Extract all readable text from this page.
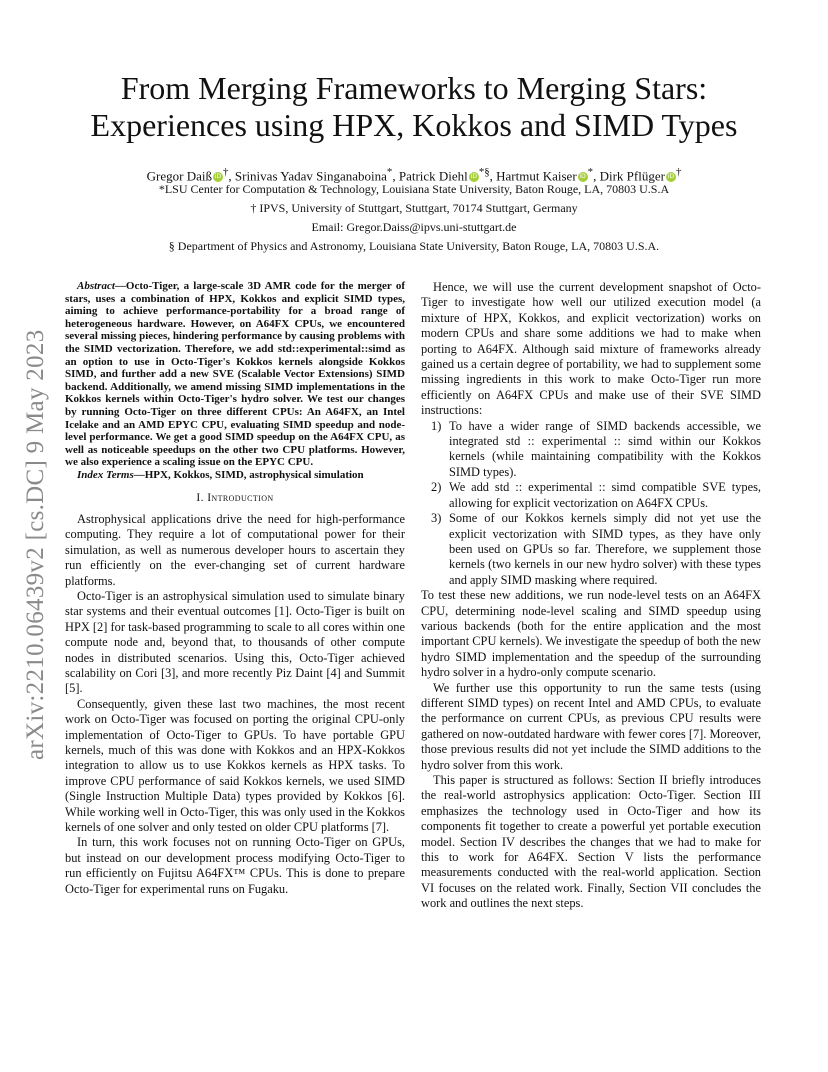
arXiv:2210.06439v2 [cs.DC] 9 May 2023
From Merging Frameworks to Merging Stars:
Experiences using HPX, Kokkos and SIMD Types
Gregor Daiß iD †, Srinivas Yadav Singanaboina*, Patrick Diehl iD *§, Hartmut Kaiser iD *, Dirk Pflüger iD †
*LSU Center for Computation & Technology, Louisiana State University, Baton Rouge, LA, 70803 U.S.A
† IPVS, University of Stuttgart, Stuttgart, 70174 Stuttgart, Germany
Email: Gregor.Daiss@ipvs.uni-stuttgart.de
§ Department of Physics and Astronomy, Louisiana State University, Baton Rouge, LA, 70803 U.S.A.

Abstract—Octo-Tiger, a large-scale 3D AMR code for the merger of stars, uses a combination of HPX, Kokkos and explicit SIMD types, aiming to achieve performance-portability for a broad range of heterogeneous hardware. However, on A64FX CPUs, we encountered several missing pieces, hindering performance by causing problems with the SIMD vectorization. Therefore, we add std::experimental::simd as an option to use in Octo-Tiger's Kokkos kernels alongside Kokkos SIMD, and further add a new SVE (Scalable Vector Extensions) SIMD backend. Additionally, we amend missing SIMD implementations in the Kokkos kernels within Octo-Tiger's hydro solver. We test our changes by running Octo-Tiger on three different CPUs: An A64FX, an Intel Icelake and an AMD EPYC CPU, evaluating SIMD speedup and node-level performance. We get a good SIMD speedup on the A64FX CPU, as well as noticeable speedups on the other two CPU platforms. However, we also experience a scaling issue on the EPYC CPU.

Index Terms—HPX, Kokkos, SIMD, astrophysical simulation

I. Introduction

Astrophysical applications drive the need for high-performance computing. They require a lot of computational power for their simulation, as well as numerous developer hours to ascertain they run efficiently on the ever-changing set of current hardware platforms.

Octo-Tiger is an astrophysical simulation used to simulate binary star systems and their eventual outcomes [1]. Octo-Tiger is built on HPX [2] for task-based programming to scale to all cores within one compute node and, beyond that, to thousands of other compute nodes in distributed scenarios. Using this, Octo-Tiger achieved scalability on Cori [3], and more recently Piz Daint [4] and Summit [5].

Consequently, given these last two machines, the most recent work on Octo-Tiger was focused on porting the original CPU-only implementation of Octo-Tiger to GPUs. To have portable GPU kernels, much of this was done with Kokkos and an HPX-Kokkos integration to allow us to use Kokkos kernels as HPX tasks. To improve CPU performance of said Kokkos kernels, we used SIMD (Single Instruction Multiple Data) types provided by Kokkos [6]. While working well in Octo-Tiger, this was only used in the Kokkos kernels of one solver and only tested on older CPU platforms [7].

In turn, this work focuses not on running Octo-Tiger on GPUs, but instead on our development process modifying Octo-Tiger to run efficiently on Fujitsu A64FX™ CPUs. This is done to prepare Octo-Tiger for experimental runs on Fugaku.

Hence, we will use the current development snapshot of Octo-Tiger to investigate how well our utilized execution model (a mixture of HPX, Kokkos, and explicit vectorization) works on modern CPUs and share some additions we had to make when porting to A64FX. Although said mixture of frameworks already gained us a certain degree of portability, we had to supplement some missing ingredients in this work to make Octo-Tiger run more efficiently on A64FX CPUs and make use of their SVE SIMD instructions:

1) To have a wider range of SIMD backends accessible, we integrated std :: experimental :: simd within our Kokkos kernels (while maintaining compatibility with the Kokkos SIMD types).
2) We add std :: experimental :: simd compatible SVE types, allowing for explicit vectorization on A64FX CPUs.
3) Some of our Kokkos kernels simply did not yet use the explicit vectorization with SIMD types, as they have only been used on GPUs so far. Therefore, we supplement those kernels (two kernels in our new hydro solver) with these types and apply SIMD masking where required.

To test these new additions, we run node-level tests on an A64FX CPU, determining node-level scaling and SIMD speedup using various backends (both for the entire application and the most important CPU kernels). We investigate the speedup of both the new hydro SIMD implementation and the speedup of the surrounding hydro solver in a hydro-only compute scenario.

We further use this opportunity to run the same tests (using different SIMD types) on recent Intel and AMD CPUs, to evaluate the performance on current CPUs, as previous CPU results were gathered on now-outdated hardware with fewer cores [7]. Moreover, those previous results did not yet include the SIMD additions to the hydro solver from this work.

This paper is structured as follows: Section II briefly introduces the real-world astrophysics application: Octo-Tiger. Section III emphasizes the technology used in Octo-Tiger and how its components fit together to create a powerful yet portable execution model. Section IV describes the changes that we had to make for this to work for A64FX. Section V lists the performance measurements conducted with the real-world application. Section VI focuses on the related work. Finally, Section VII concludes the work and outlines the next steps.
